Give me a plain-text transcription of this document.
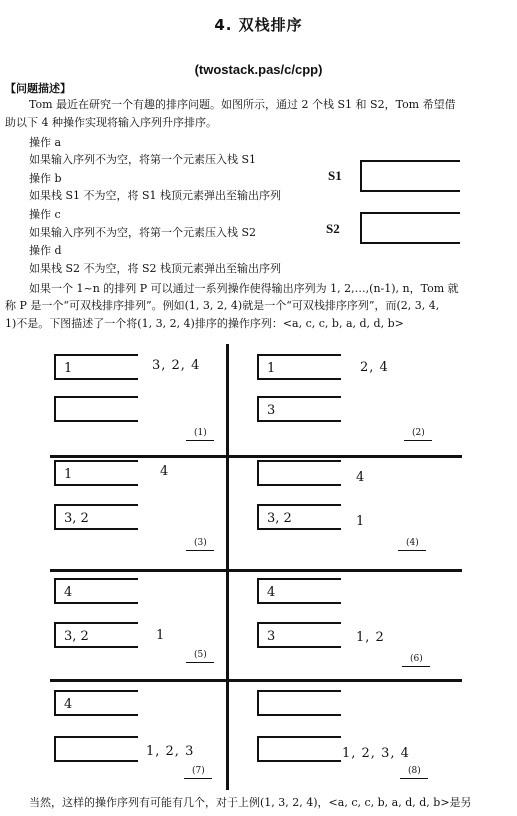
4. 双栈排序
(twostack.pas/c/cpp)
【问题描述】
Tom 最近在研究一个有趣的排序问题。如图所示，通过 2 个栈 S1 和 S2，Tom 希望借
助以下 4 种操作实现将输入序列升序排序。
操作 a
如果输入序列不为空，将第一个元素压入栈 S1
操作 b
如果栈 S1 不为空，将 S1 栈顶元素弹出至输出序列
操作 c
如果输入序列不为空，将第一个元素压入栈 S2
操作 d
如果栈 S2 不为空，将 S2 栈顶元素弹出至输出序列
S1
S2
如果一个 1~n 的排列 P 可以通过一系列操作使得输出序列为 1, 2,…,(n-1), n，Tom 就
称 P 是一个“可双栈排序排列”。例如(1, 3, 2, 4)就是一个“可双栈排序序列”，而(2, 3, 4,
1)不是。下图描述了一个将(1, 3, 2, 4)排序的操作序列：<a, c, c, b, a, d, d, b>
1	3, 2, 4
(1)
1
3
2, 4
(2)
1
3, 2
4
(3)
3, 2
4
1
(4)
4
3, 2	1
(5)
4
3	1, 2
(6)
4
1, 2, 3
(7)
1, 2, 3, 4
(8)
当然，这样的操作序列有可能有几个，对于上例(1, 3, 2, 4)，<a, c, c, b, a, d, d, b>是另
